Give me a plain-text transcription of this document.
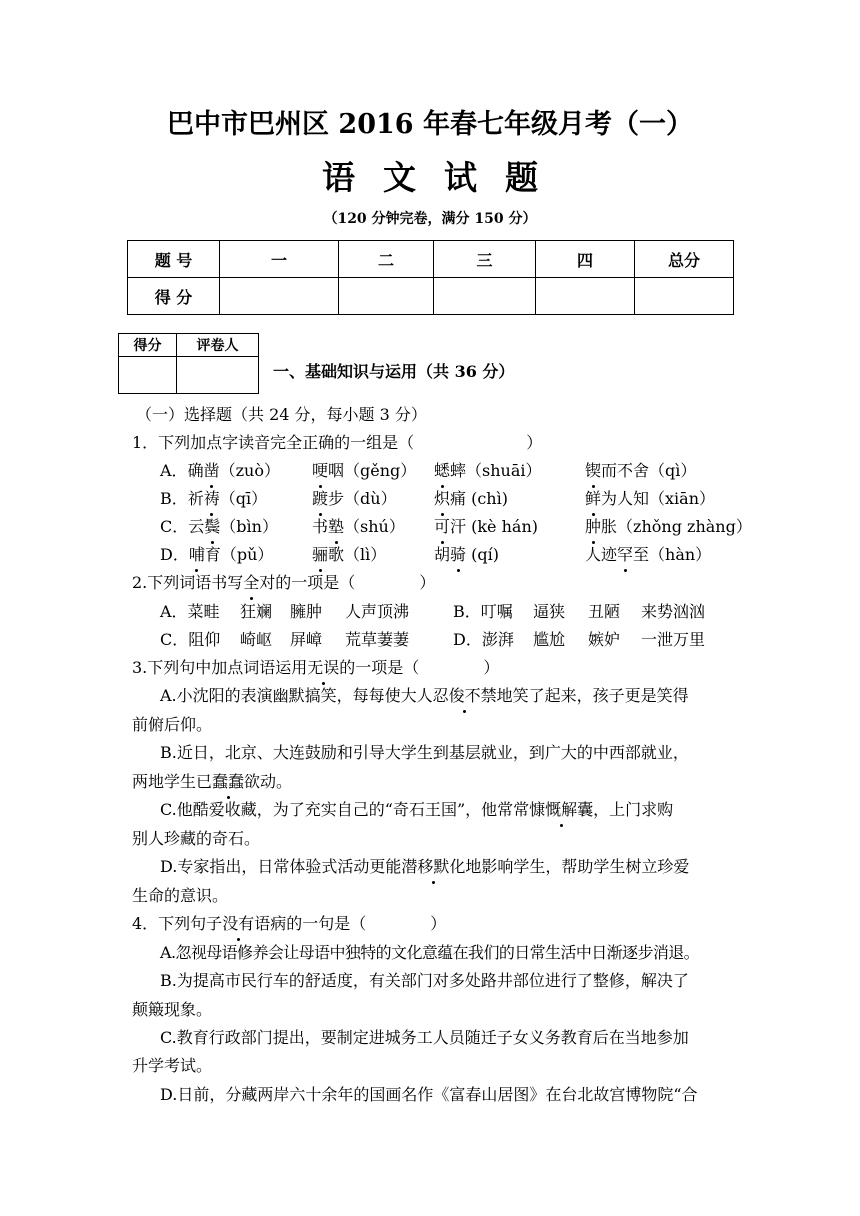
巴中市巴州区 2016 年春七年级月考（一）
语文试题
（120 分钟完卷，满分 150 分）
题 号	一	二	三	四	总分
得 分					
得分	评卷人

一、基础知识与运用（共 36 分）
（一）选择题（共 24 分，每小题 3 分）
1．下列加点字读音完全正确的一组是（	）
A．确凿（zuò） 哽咽（gěng） 蟋蟀（shuāi）	锲而不舍（qì）
B．祈祷（qī）	踱步（dù） 炽痛 (chì)	鲜为人知（xiān）
C．云鬓（bìn） 书塾（shú） 可汗 (kè hán)	肿胀（zhǒng zhàng）
D．哺育（pǔ） 骊歌（lì）	胡骑 (qí)	人迹罕至（hàn）
2.下列词语书写全对的一项是（	）
A．菜畦 狂斓 臃肿 人声顶沸	B．叮嘱 逼狭 丑陋 来势汹汹
C．阻仰 崎岖 屏嶂 荒草萋萋	D．澎湃 尴尬 嫉妒 一泄万里
3.下列句中加点词语运用无误的一项是（	）
A.小沈阳的表演幽默搞笑，每每使大人忍俊不禁地笑了起来，孩子更是笑得
前俯后仰。
B.近日，北京、大连鼓励和引导大学生到基层就业，到广大的中西部就业，
两地学生已蠢蠢欲动。
C.他酷爱收藏，为了充实自己的“奇石王国”，他常常慷慨解囊，上门求购
别人珍藏的奇石。
D.专家指出，日常体验式活动更能潜移默化地影响学生，帮助学生树立珍爱
生命的意识。
4．下列句子没有语病的一句是（	）
A.忽视母语修养会让母语中独特的文化意蕴在我们的日常生活中日渐逐步消退。
B.为提高市民行车的舒适度，有关部门对多处路井部位进行了整修，解决了
颠簸现象。
C.教育行政部门提出，要制定进城务工人员随迁子女义务教育后在当地参加
升学考试。
D.日前，分藏两岸六十余年的国画名作《富春山居图》在台北故宫博物院“合
